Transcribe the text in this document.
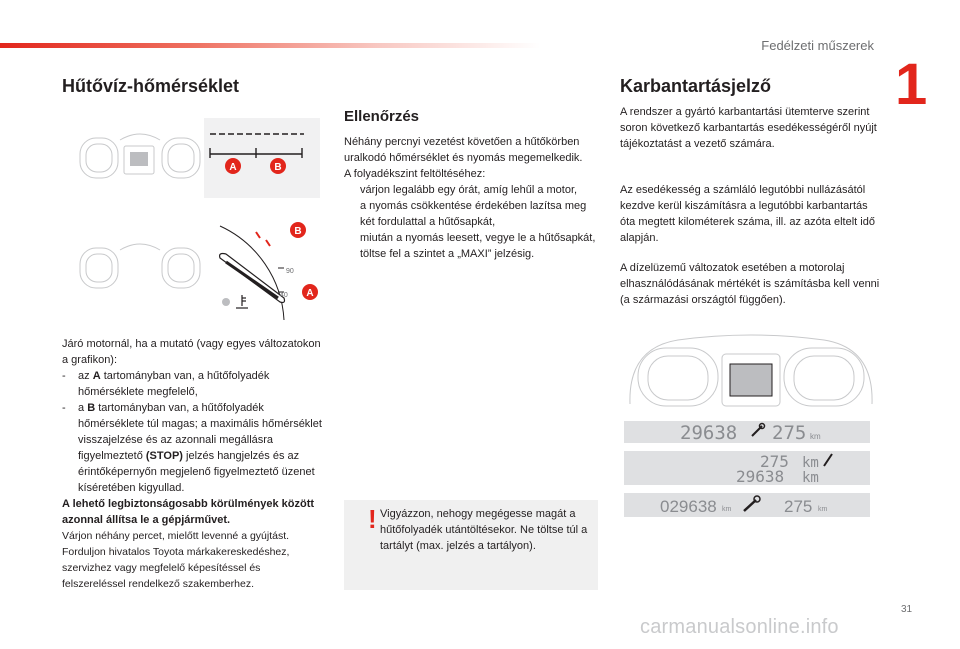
Fedélzeti műszerek
1
Hűtővíz-hőmérséklet
A	B
90
40
B
A

Járó motornál, ha a mutató (vagy egyes változatokon a grafikon):

-	az A tartományban van, a hűtőfolyadék hőmérséklete megfelelő,
-	a B tartományban van, a hűtőfolyadék hőmérséklete túl magas; a maximális hőmérséklet visszajelzése és az azonnali megállásra figyelmeztető (STOP) jelzés hangjelzés és az érintőképernyőn megjelenő figyelmeztető üzenet kíséretében kigyullad.

A lehető legbiztonságosabb körülmények között azonnal állítsa le a gépjárművet.

Várjon néhány percet, mielőtt levenné a gyújtást. Forduljon hivatalos Toyota márkakereskedéshez, szervizhez vagy megfelelő képesítéssel és felszereléssel rendelkező szakemberhez.

Ellenőrzés

Néhány percnyi vezetést követően a hűtőkörben uralkodó hőmérséklet és nyomás megemelkedik.

A folyadékszint feltöltéséhez:

várjon legalább egy órát, amíg lehűl a motor,
a nyomás csökkentése érdekében lazítsa meg két fordulattal a hűtősapkát,
miután a nyomás leesett, vegye le a hűtősapkát,
töltse fel a szintet a „MAXI” jelzésig.
! Vigyázzon, nehogy megégesse magát a hűtőfolyadék utántöltésekor. Ne töltse túl a tartályt (max. jelzés a tartályon).
Karbantartásjelző
A rendszer a gyártó karbantartási ütemterve szerint soron következő karbantartás esedékességéről nyújt tájékoztatást a vezető számára.
Az esedékesség a számláló legutóbbi nullázásától kezdve kerül kiszámításra a legutóbbi karbantartás óta megtett kilométerek száma, ill. az azóta eltelt idő alapján.
A dízelüzemű változatok esetében a motorolaj elhasználódásának mértékét is számításba kell venni (a származási országtól függően).
29638 275 km
275 km
29638 km
029638 km	275 km
31
carmanualsonline.info
